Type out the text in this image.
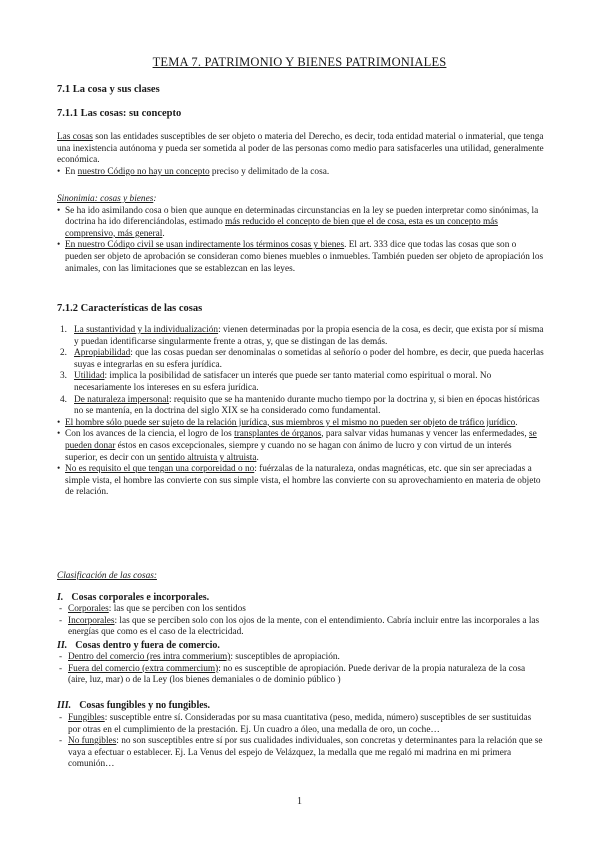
TEMA 7. PATRIMONIO Y BIENES PATRIMONIALES
7.1 La cosa y sus clases
7.1.1 Las cosas: su concepto
Las cosas son las entidades susceptibles de ser objeto o materia del Derecho, es decir, toda entidad material o inmaterial, que tenga una inexistencia autónoma y pueda ser sometida al poder de las personas como medio para satisfacerles una utilidad, generalmente económica.
• En nuestro Código no hay un concepto preciso y delimitado de la cosa.
Sinonimia: cosas y bienes:
• Se ha ido asimilando cosa o bien que aunque en determinadas circunstancias en la ley se pueden interpretar como sinónimas, la doctrina ha ido diferenciándolas, estimado más reducido el concepto de bien que el de cosa, esta es un concepto más comprensivo, más general.
• En nuestro Código civil se usan indirectamente los términos cosas y bienes. El art. 333 dice que todas las cosas que son o pueden ser objeto de aprobación se consideran como bienes muebles o inmuebles. También pueden ser objeto de apropiación los animales, con las limitaciones que se establezcan en las leyes.
7.1.2 Características de las cosas
1. La sustantividad y la individualización: vienen determinadas por la propia esencia de la cosa, es decir, que exista por sí misma y puedan identificarse singularmente frente a otras, y, que se distingan de las demás.
2. Apropiabilidad: que las cosas puedan ser denominalas o sometidas al señorío o poder del hombre, es decir, que pueda hacerlas suyas e integrarlas en su esfera jurídica.
3. Utilidad: implica la posibilidad de satisfacer un interés que puede ser tanto material como espiritual o moral. No necesariamente los intereses en su esfera jurídica.
4. De naturaleza impersonal: requisito que se ha mantenido durante mucho tiempo por la doctrina y, si bien en épocas históricas no se mantenía, en la doctrina del siglo XIX se ha considerado como fundamental.
• El hombre sólo puede ser sujeto de la relación jurídica, sus miembros y el mismo no pueden ser objeto de tráfico jurídico.
• Con los avances de la ciencia, el logro de los transplantes de órganos, para salvar vidas humanas y vencer las enfermedades, se pueden donar éstos en casos excepcionales, siempre y cuando no se hagan con ánimo de lucro y con virtud de un interés superior, es decir con un sentido altruista y altruista.
• No es requisito el que tengan una corporeidad o no: fuérzalas de la naturaleza, ondas magnéticas, etc. que sin ser apreciadas a simple vista, el hombre las convierte con sus simple vista, el hombre las convierte con su aprovechamiento en materia de objeto de relación.
Clasificación de las cosas:
I. Cosas corporales e incorporales.
- Corporales: las que se perciben con los sentidos
- Incorporales: las que se perciben solo con los ojos de la mente, con el entendimiento. Cabría incluir entre las incorporales a las energías que como es el caso de la electricidad.
II. Cosas dentro y fuera de comercio.
- Dentro del comercio (res intra commerium): susceptibles de apropiación.
- Fuera del comercio (extra commercium): no es susceptible de apropiación. Puede derivar de la propia naturaleza de la cosa (aire, luz, mar) o de la Ley (los bienes demaniales o de dominio público )
III. Cosas fungibles y no fungibles.
- Fungibles: susceptible entre sí. Consideradas por su masa cuantitativa (peso, medida, número) susceptibles de ser sustituidas por otras en el cumplimiento de la prestación. Ej. Un cuadro a óleo, una medalla de oro, un coche…
- No fungibles: no son susceptibles entre sí por sus cualidades individuales, son concretas y determinantes para la relación que se vaya a efectuar o establecer. Ej. La Venus del espejo de Velázquez, la medalla que me regaló mi madrina en mi primera comunión…
1
